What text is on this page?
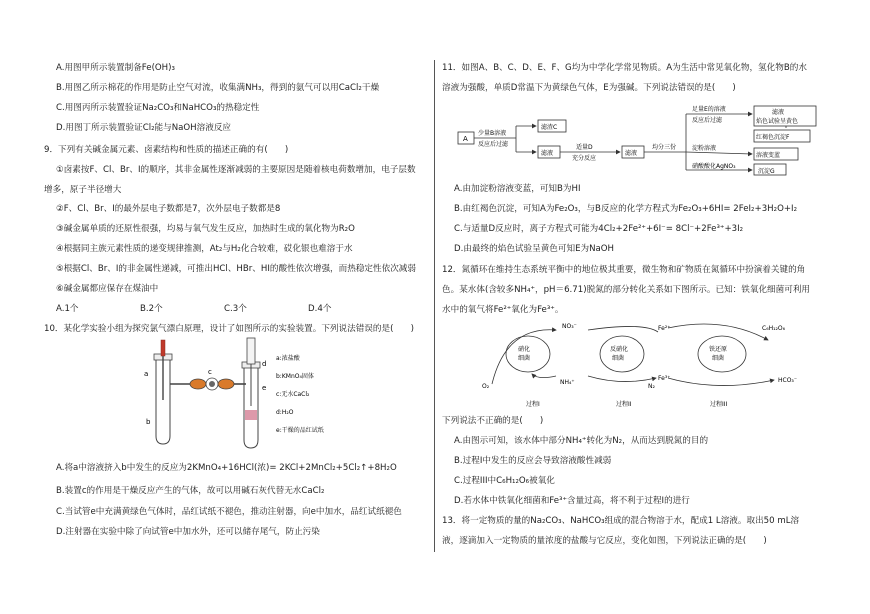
A.用图甲所示装置制备Fe(OH)₃
B.用图乙所示棉花的作用是防止空气对流，收集满NH₃，得到的氨气可以用CaCl₂干燥
C.用图丙所示装置验证Na₂CO₃和NaHCO₃的热稳定性
D.用图丁所示装置验证Cl₂能与NaOH溶液反应
9．下列有关碱金属元素、卤素结构和性质的描述正确的有(　　)
①卤素按F、Cl、Br、I的顺序，其非金属性逐渐减弱的主要原因是随着核电荷数增加，电子层数
增多，原子半径增大
②F、Cl、Br、I的最外层电子数都是7，次外层电子数都是8
③碱金属单质的还原性很强，均易与氧气发生反应，加热时生成的氧化物为R₂O
④根据同主族元素性质的递变规律推测，At₂与H₂化合较难，砹化银也难溶于水
⑤根据Cl、Br、I的非金属性递减，可推出HCl、HBr、HI的酸性依次增强，而热稳定性依次减弱
⑥碱金属都应保存在煤油中
A.1个	B.2个	C.3个	D.4个
10．某化学实验小组为探究氯气漂白原理，设计了如图所示的实验装置。下列说法错误的是(　　)
a
b
c
d
e
a:浓盐酸
b:KMnO₄固体
c:无水CaCl₂
d:H₂O
e:干燥的品红试纸
A.将a中溶液挤入b中发生的反应为2KMnO₄+16HCl(浓)= 2KCl+2MnCl₂+5Cl₂↑+8H₂O
B.装置c的作用是干燥反应产生的气体，故可以用碱石灰代替无水CaCl₂
C.当试管e中充满黄绿色气体时，品红试纸不褪色，推动注射器，向e中加水，品红试纸褪色
D.注射器在实验中除了向试管e中加水外，还可以储存尾气，防止污染
11．如图A、B、C、D、E、F、G均为中学化学常见物质。A为生活中常见氧化物，氢化物B的水
溶液为强酸，单质D常温下为黄绿色气体，E为强碱。下列说法错误的是(　　)
少量B溶液
反应后过滤
A
滤渣C
滤液
适量D
充分反应
滤液
均分三份
足量E的溶液
反应后过滤
滤液
焰色试验呈黄色
红褐色沉淀F
淀粉溶液
溶液变蓝
硝酸酸化AgNO₃
沉淀G
A.由加淀粉溶液变蓝，可知B为HI
B.由红褐色沉淀，可知A为Fe₂O₃，与B反应的化学方程式为Fe₂O₃+6HI= 2FeI₂+3H₂O+I₂
C.与适量D反应时，离子方程式可能为4Cl₂+2Fe²⁺+6I⁻= 8Cl⁻+2Fe³⁺+3I₂
D.由最终的焰色试验呈黄色可知E为NaOH
12．氮循环在维持生态系统平衡中的地位极其重要，微生物和矿物质在氮循环中扮演着关键的角
色。某水体(含较多NH₄⁺，pH＝6.71)脱氮的部分转化关系如下图所示。已知：铁氧化细菌可利用
水中的氧气将Fe²⁺氧化为Fe³⁺。
硝化
细菌
反硝化
细菌
铁还原
细菌
NO₃⁻
NH₄⁺
O₂
Fe²⁺
N₂
Fe³⁺
C₆H₁₂O₆
HCO₃⁻
过程I	过程II	过程III
下列说法不正确的是(　　)
A.由图示可知，该水体中部分NH₄⁺转化为N₂，从而达到脱氮的目的
B.过程I中发生的反应会导致溶液酸性减弱
C.过程III中C₆H₁₂O₆被氧化
D.若水体中铁氧化细菌和Fe³⁺含量过高，将不利于过程I的进行
13．将一定物质的量的Na₂CO₃、NaHCO₃组成的混合物溶于水，配成1 L溶液。取出50 mL溶
液，逐滴加入一定物质的量浓度的盐酸与它反应，变化如图，下列说法正确的是(　　)
